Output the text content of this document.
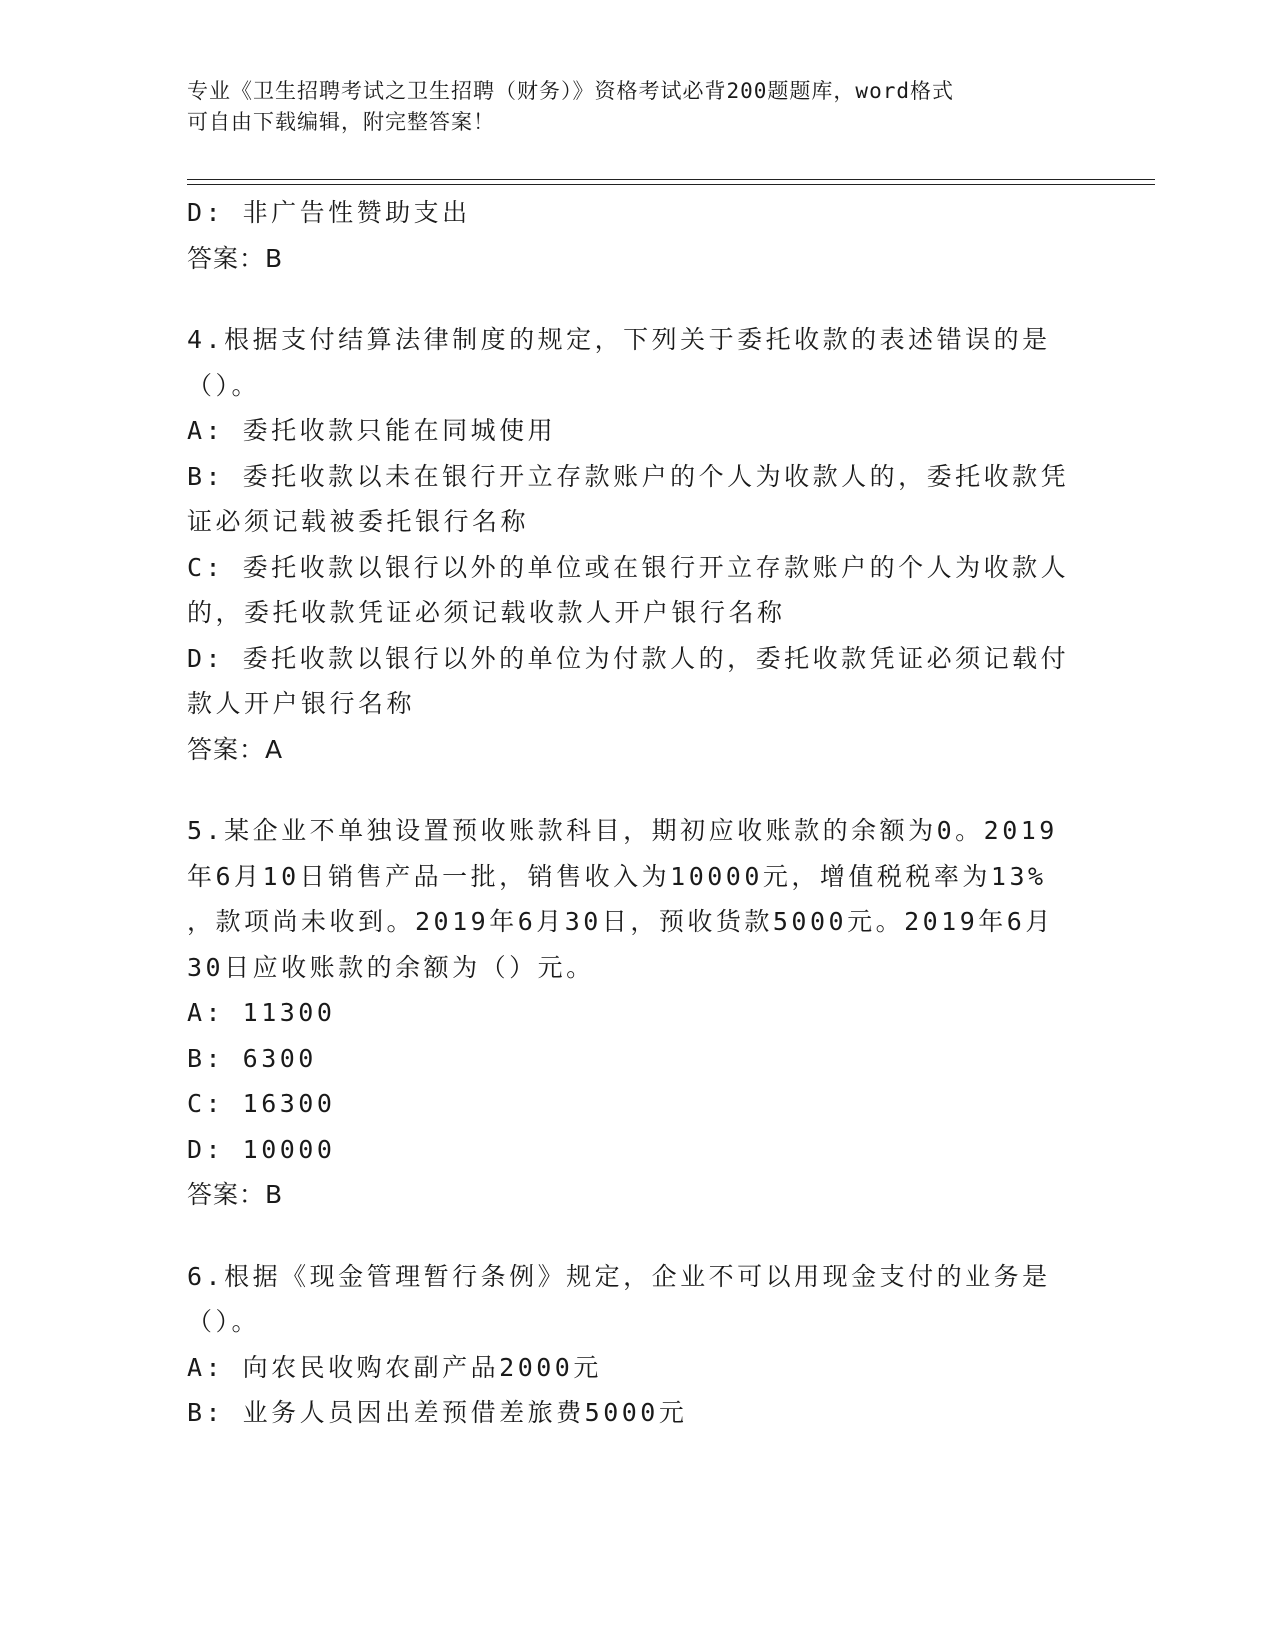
专业《卫生招聘考试之卫生招聘（财务）》资格考试必背200题题库，word格式
可自由下载编辑，附完整答案！
D: 非广告性赞助支出
答案：B
4.根据支付结算法律制度的规定，下列关于委托收款的表述错误的是
（）。
A: 委托收款只能在同城使用
B: 委托收款以未在银行开立存款账户的个人为收款人的，委托收款凭
证必须记载被委托银行名称
C: 委托收款以银行以外的单位或在银行开立存款账户的个人为收款人
的，委托收款凭证必须记载收款人开户银行名称
D: 委托收款以银行以外的单位为付款人的，委托收款凭证必须记载付
款人开户银行名称
答案：A
5.某企业不单独设置预收账款科目，期初应收账款的余额为0。2019
年6月10日销售产品一批，销售收入为10000元，增值税税率为13%
，款项尚未收到。2019年6月30日，预收货款5000元。2019年6月
30日应收账款的余额为（）元。
A: 11300
B: 6300
C: 16300
D: 10000
答案：B
6.根据《现金管理暂行条例》规定，企业不可以用现金支付的业务是
（）。
A: 向农民收购农副产品2000元
B: 业务人员因出差预借差旅费5000元
